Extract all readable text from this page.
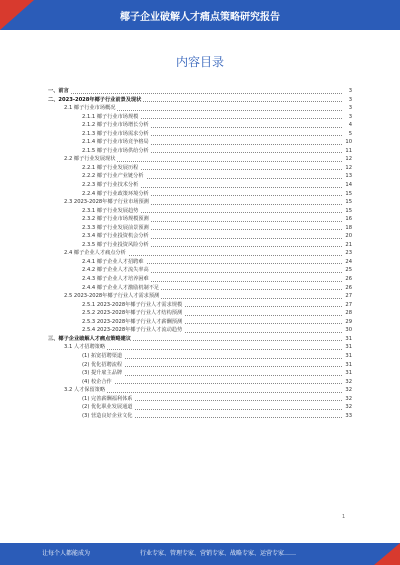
椰子企业破解人才痛点策略研究报告
内容目录
一、前言	3
二、2023-2028年椰子行业前景及现状	3
2.1 椰子行业市场概况	3
2.1.1 椰子行业市场规模	3
2.1.2 椰子行业市场增长分析	4
2.1.3 椰子行业市场需求分析	5
2.1.4 椰子行业市场竞争格局	10
2.1.5 椰子行业市场供给分析	11
2.2 椰子行业发展现状	12
2.2.1 椰子行业发展历程	12
2.2.2 椰子行业产业链分析	13
2.2.3 椰子行业技术分析	14
2.2.4 椰子行业政策环境分析	15
2.3 2023-2028年椰子行业市场预测	15
2.3.1 椰子行业发展趋势	15
2.3.2 椰子行业市场规模预测	16
2.3.3 椰子行业发展前景预测	18
2.3.4 椰子行业投资机会分析	20
2.3.5 椰子行业投资风险分析	21
2.4 椰子企业人才痛点分析	23
2.4.1 椰子企业人才招聘难	24
2.4.2 椰子企业人才流失率高	25
2.4.3 椰子企业人才培养困难	26
2.4.4 椰子企业人才激励机制不足	26
2.5 2023-2028年椰子行业人才需求预测	27
2.5.1 2023-2028年椰子行业人才需求规模	27
2.5.2 2023-2028年椰子行业人才结构预测	28
2.5.3 2023-2028年椰子行业人才薪酬预测	29
2.5.4 2023-2028年椰子行业人才流动趋势	30
三、椰子企业破解人才痛点策略建议	31
3.1 人才招聘策略	31
(1) 拓宽招聘渠道	31
(2) 优化招聘流程	31
(3) 提升雇主品牌	31
(4) 校企合作	32
3.2 人才保留策略	32
(1) 完善薪酬福利体系	32
(2) 优化职业发展通道	32
(3) 营造良好企业文化	33
1
让每个人都能成为	行业专家、管理专家、营销专家、战略专家、运营专家……
